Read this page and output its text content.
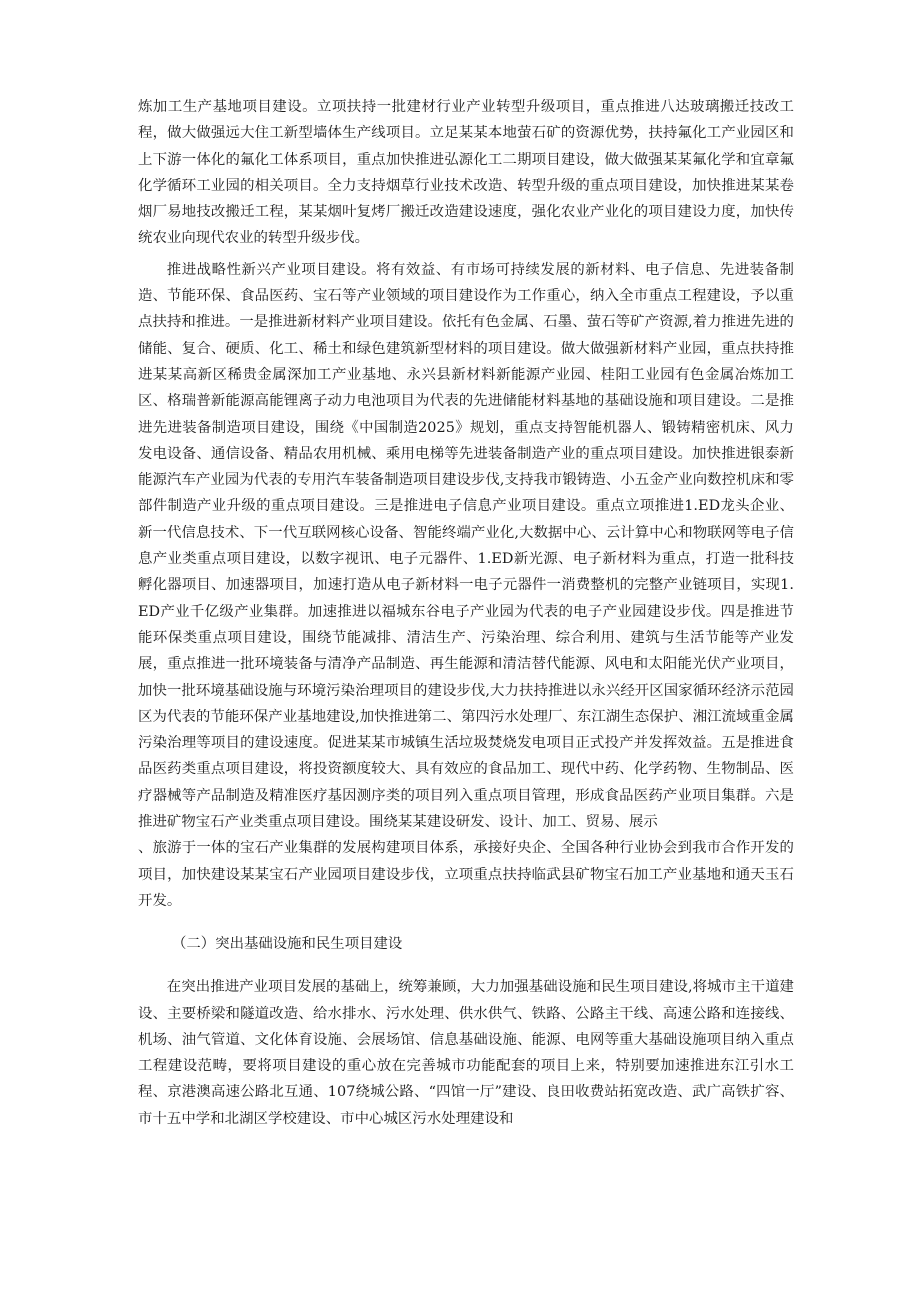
炼加工生产基地项目建设。立项扶持一批建材行业产业转型升级项目，重点推进八达玻璃搬迁技改工程，做大做强远大住工新型墙体生产线项目。立足某某本地萤石矿的资源优势，扶持氟化工产业园区和上下游一体化的氟化工体系项目，重点加快推进弘源化工二期项目建设，做大做强某某氟化学和宜章氟化学循环工业园的相关项目。全力支持烟草行业技术改造、转型升级的重点项目建设，加快推进某某卷烟厂易地技改搬迁工程，某某烟叶复烤厂搬迁改造建设速度，强化农业产业化的项目建设力度，加快传统农业向现代农业的转型升级步伐。

推进战略性新兴产业项目建设。将有效益、有市场可持续发展的新材料、电子信息、先进装备制造、节能环保、食品医药、宝石等产业领域的项目建设作为工作重心，纳入全市重点工程建设，予以重点扶持和推进。一是推进新材料产业项目建设。依托有色金属、石墨、萤石等矿产资源,着力推进先进的储能、复合、硬质、化工、稀土和绿色建筑新型材料的项目建设。做大做强新材料产业园，重点扶持推进某某高新区稀贵金属深加工产业基地、永兴县新材料新能源产业园、桂阳工业园有色金属冶炼加工区、格瑞普新能源高能锂离子动力电池项目为代表的先进储能材料基地的基础设施和项目建设。二是推进先进装备制造项目建设，围绕《中国制造2025》规划，重点支持智能机器人、锻铸精密机床、风力发电设备、通信设备、精品农用机械、乘用电梯等先进装备制造产业的重点项目建设。加快推进银泰新能源汽车产业园为代表的专用汽车装备制造项目建设步伐,支持我市锻铸造、小五金产业向数控机床和零部件制造产业升级的重点项目建设。三是推进电子信息产业项目建设。重点立项推进1.ED龙头企业、新一代信息技术、下一代互联网核心设备、智能终端产业化,大数据中心、云计算中心和物联网等电子信息产业类重点项目建设，以数字视讯、电子元器件、1.ED新光源、电子新材料为重点，打造一批科技孵化器项目、加速器项目，加速打造从电子新材料一电子元器件一消费整机的完整产业链项目，实现1.ED产业千亿级产业集群。加速推进以福城东谷电子产业园为代表的电子产业园建设步伐。四是推进节能环保类重点项目建设，围绕节能减排、清洁生产、污染治理、综合利用、建筑与生活节能等产业发展，重点推进一批环境装备与清净产品制造、再生能源和清洁替代能源、风电和太阳能光伏产业项目，加快一批环境基础设施与环境污染治理项目的建设步伐,大力扶持推进以永兴经开区国家循环经济示范园区为代表的节能环保产业基地建设,加快推进第二、第四污水处理厂、东江湖生态保护、湘江流域重金属污染治理等项目的建设速度。促进某某市城镇生活垃圾焚烧发电项目正式投产并发挥效益。五是推进食品医药类重点项目建设，将投资额度较大、具有效应的食品加工、现代中药、化学药物、生物制品、医疗器械等产品制造及精准医疗基因测序类的项目列入重点项目管理，形成食品医药产业项目集群。六是推进矿物宝石产业类重点项目建设。围绕某某建设研发、设计、加工、贸易、展示

、旅游于一体的宝石产业集群的发展构建项目体系，承接好央企、全国各种行业协会到我市合作开发的项目，加快建设某某宝石产业园项目建设步伐，立项重点扶持临武县矿物宝石加工产业基地和通天玉石开发。

（二）突出基础设施和民生项目建设

在突出推进产业项目发展的基础上，统筹兼顾，大力加强基础设施和民生项目建设,将城市主干道建设、主要桥梁和隧道改造、给水排水、污水处理、供水供气、铁路、公路主干线、高速公路和连接线、机场、油气管道、文化体育设施、会展场馆、信息基础设施、能源、电网等重大基础设施项目纳入重点工程建设范畴，要将项目建设的重心放在完善城市功能配套的项目上来，特别要加速推进东江引水工程、京港澳高速公路北互通、107绕城公路、“四馆一厅”建设、良田收费站拓宽改造、武广高铁扩容、市十五中学和北湖区学校建设、市中心城区污水处理建设和
